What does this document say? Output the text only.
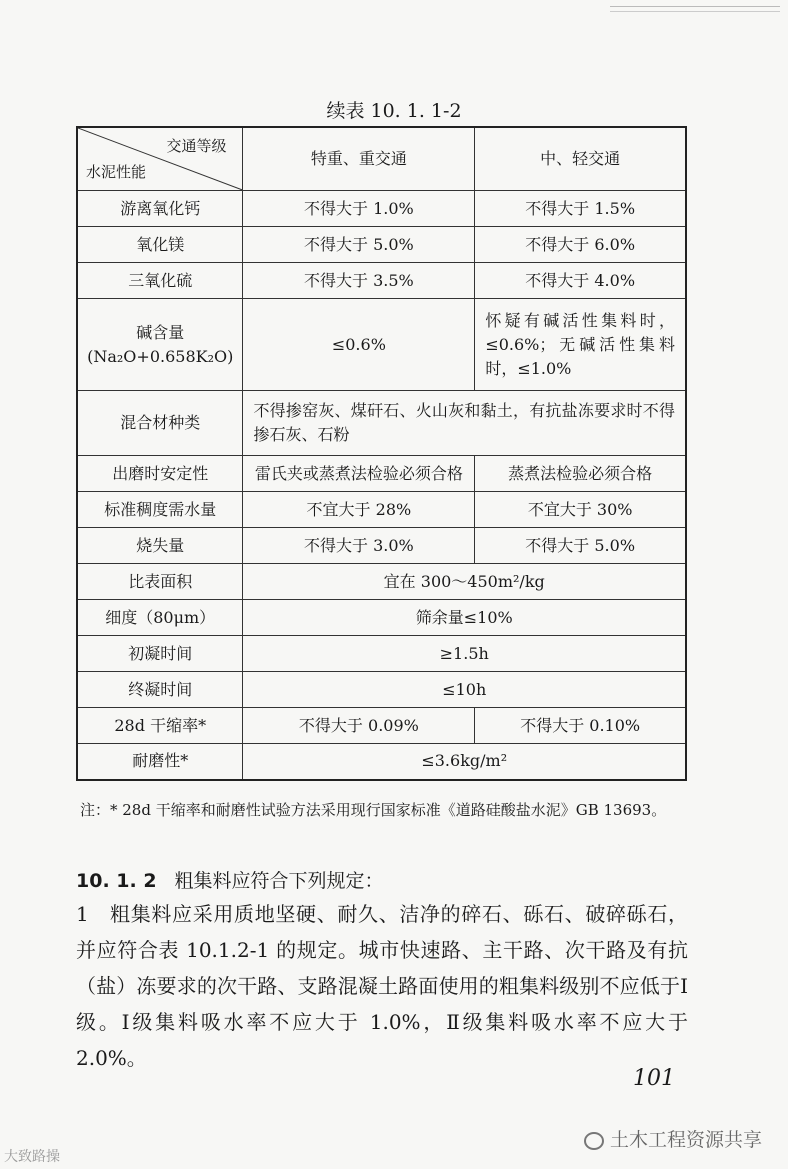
续表 10. 1. 1-2
交通等级
水泥性能	特重、重交通	中、轻交通
游离氧化钙	不得大于 1.0%	不得大于 1.5%
氧化镁	不得大于 5.0%	不得大于 6.0%
三氧化硫	不得大于 3.5%	不得大于 4.0%

碱含量
(Na₂O+0.658K₂O)	≤0.6%	怀疑有碱活性集料时，≤0.6%；无碱活性集料时，≤1.0%
混合材种类	不得掺窑灰、煤矸石、火山灰和黏土，有抗盐冻要求时不得掺石灰、石粉	
出磨时安定性	雷氏夹或蒸煮法检验必须合格	蒸煮法检验必须合格
标准稠度需水量	不宜大于 28%	不宜大于 30%
烧失量	不得大于 3.0%	不得大于 5.0%
比表面积	宜在 300～450m²/kg	
细度（80μm）	筛余量≤10%	
初凝时间	≥1.5h	
终凝时间	≤10h	
28d 干缩率*	不得大于 0.09%	不得大于 0.10%
耐磨性*	≤3.6kg/m²	
注：* 28d 干缩率和耐磨性试验方法采用现行国家标准《道路硅酸盐水泥》GB 13693。
10. 1. 2 粗集料应符合下列规定：
1　粗集料应采用质地坚硬、耐久、洁净的碎石、砾石、破碎砾石，并应符合表 10.1.2-1 的规定。城市快速路、主干路、次干路及有抗（盐）冻要求的次干路、支路混凝土路面使用的粗集料级别不应低于Ⅰ级。Ⅰ级集料吸水率不应大于 1.0%，Ⅱ级集料吸水率不应大于 2.0%。
101
大致路操
土木工程资源共享
